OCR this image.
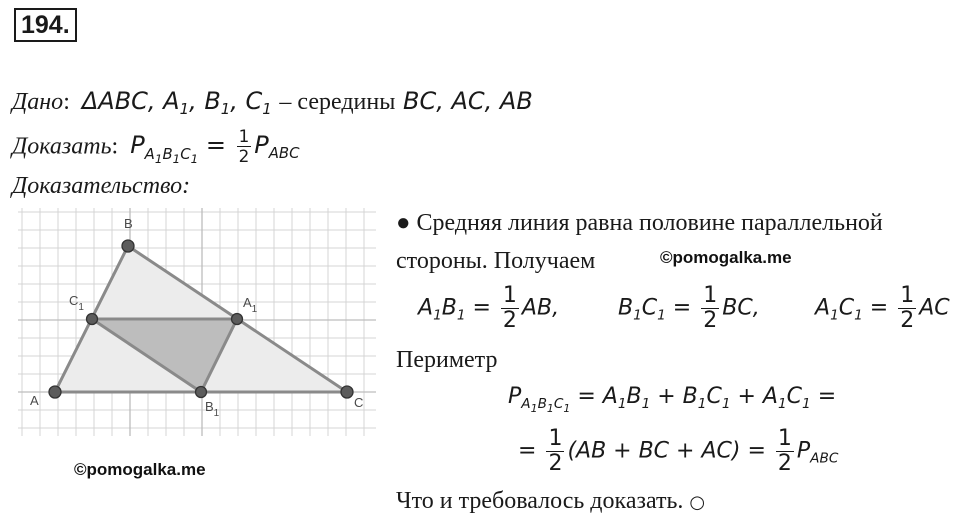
194.
Дано:  ΔABC, $A_1$, $B_1$, $C_1$ – середины BC, AC, AB
Доказать:  $P_{A_1B_1C_1} = \frac{1}{2} P_{ABC}$
Доказательство:
A
B
C
$C_1$	$A_1$
$B_1$
©pomogalka.me
● Средняя линия равна половине параллельной
стороны. Получаем	©pomogalka.me
$A_1B_1 = \frac{1}{2}$ AB,	$B_1C_1 = \frac{1}{2}$ BC,	$A_1C_1 = \frac{1}{2}$ AC
Периметр
$P_{A_1B_1C_1} = A_1B_1 + B_1C_1 + A_1C_1$ =
= $\frac{1}{2} (AB$ + BC + $AC) = \frac{1}{2} P_{ABC}$
Что и требовалось доказать. ○
